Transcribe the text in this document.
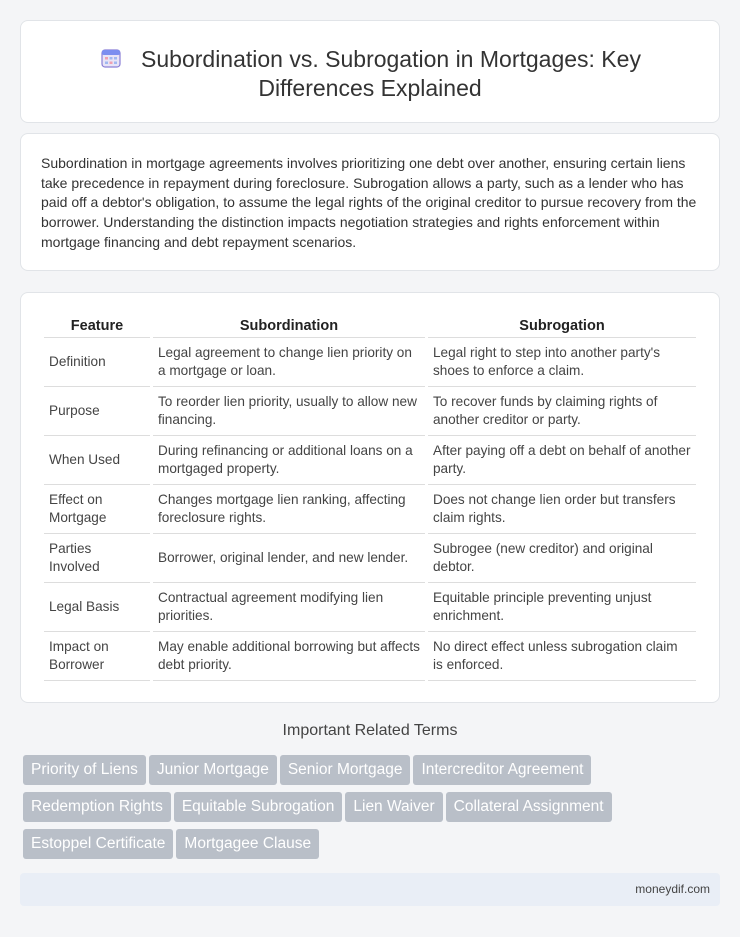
Subordination vs. Subrogation in Mortgages: Key
Differences Explained

Subordination in mortgage agreements involves prioritizing one debt over another, ensuring certain liens take precedence in repayment during foreclosure. Subrogation allows a party, such as a lender who has paid off a debtor's obligation, to assume the legal rights of the original creditor to pursue recovery from the borrower. Understanding the distinction impacts negotiation strategies and rights enforcement within mortgage financing and debt repayment scenarios.

Feature	Subordination	Subrogation
Definition	Legal agreement to change lien priority on a mortgage or loan.	Legal right to step into another party's shoes to enforce a claim.
Purpose	To reorder lien priority, usually to allow new financing.	To recover funds by claiming rights of another creditor or party.
When Used	During refinancing or additional loans on a mortgaged property.	After paying off a debt on behalf of another party.
Effect on Mortgage	Changes mortgage lien ranking, affecting foreclosure rights.	Does not change lien order but transfers claim rights.
Parties Involved	Borrower, original lender, and new lender.	Subrogee (new creditor) and original debtor.
Legal Basis	Contractual agreement modifying lien priorities.	Equitable principle preventing unjust enrichment.
Impact on Borrower	May enable additional borrowing but affects debt priority.	No direct effect unless subrogation claim is enforced.
Important Related Terms
Priority of Liens Junior Mortgage Senior Mortgage Intercreditor Agreement
Redemption Rights Equitable Subrogation Lien Waiver Collateral Assignment
Estoppel Certificate Mortgagee Clause
moneydif.com
